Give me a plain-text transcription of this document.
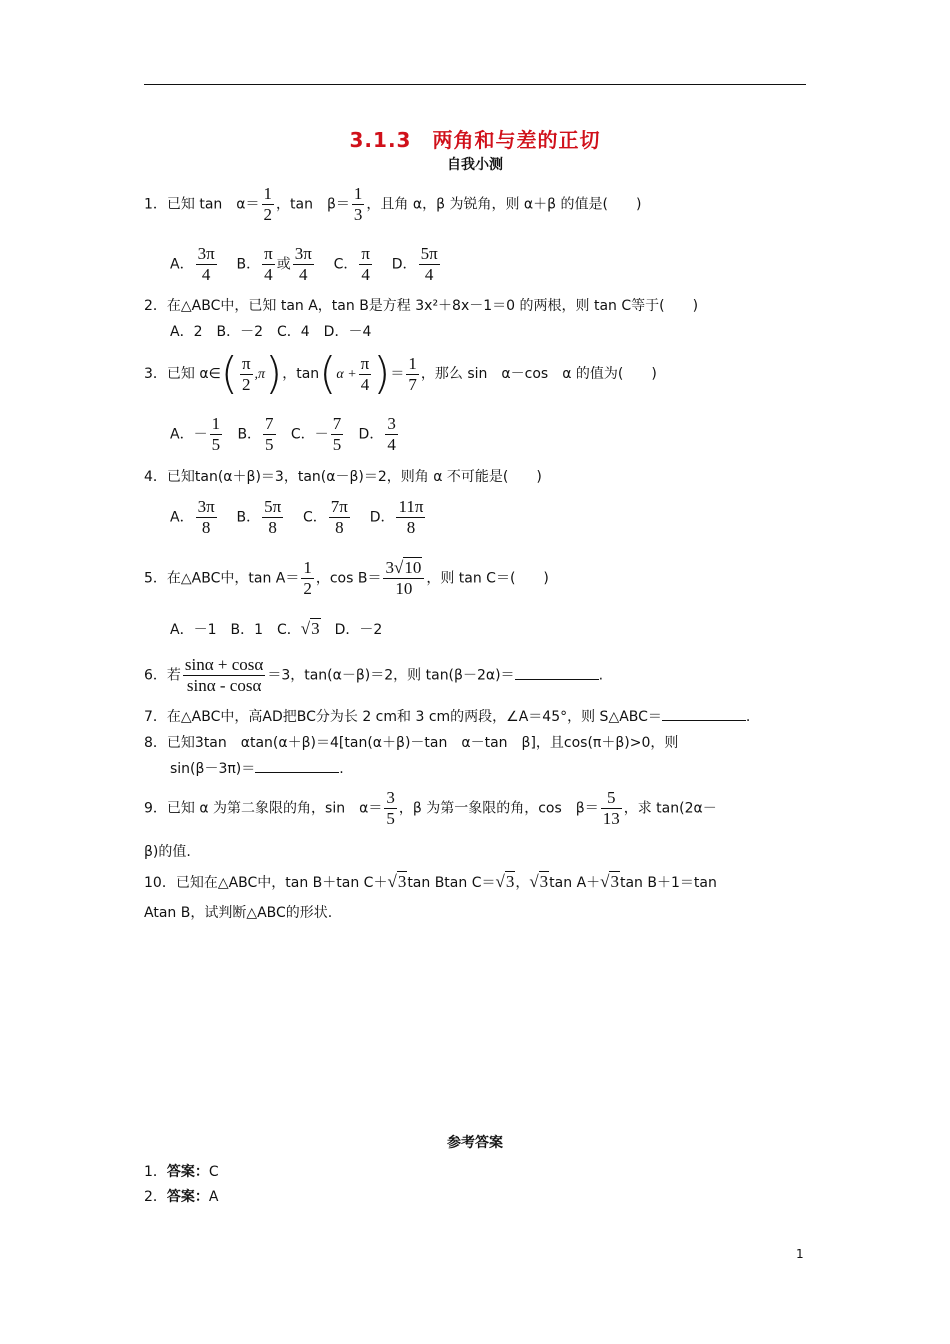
3.1.3　两角和与差的正切
自我小测
1．已知 tan　$\alpha= \frac{1}{2}$ ，tan　$\beta= \frac{1}{3}$ ，且角 α，β 为锐角，则 α＋β 的值是(　　)
A． $\frac{3\pi}{4}$ B． $\frac{\pi}{4}$ 或 $\frac{3\pi}{4}$ C． $\frac{\pi}{4}$ D． $\frac{5\pi}{4}$
2．在△ABC中，已知 tan A，tan B是方程 3x²＋8x－1＝0 的两根，则 tan C等于(　　)
A．2　B．－2　C．4　D．－4
3．已知 α∈( $\frac{\pi}{2} ,\pi$)，$\tan(\alpha + \frac{\pi}{4}$ )＝ $\frac{1}{7}$ ，那么 sin　α－cos　α 的值为(　　)
A．－ $\frac{1}{5}$ B． $\frac{7}{5}$ C．－ $\frac{7}{5}$ D． $\frac{3}{4}$
4．已知tan(α＋β)＝3，tan(α－β)＝2，则角 α 不可能是(　　)
A． $\frac{3\pi}{8}$ B． $\frac{5\pi}{8}$ C． $\frac{7\pi}{8}$ D． $\frac{11\pi}{8}$
5．在△ABC中，$\tan A= \frac{1}{2}$ ，$\cos B= \frac{3√10}{10}$ ，则 tan C＝(　　)
A．－1　B．1　C．√3　D．－2
6．若 $\frac{\sin\alpha + \cos\alpha}{\sin\alpha - \cos\alpha} =3$，tan(α－β)＝2，则 tan(β－2α)＝	.
7．在△ABC中，高AD把BC分为长 2 cm和 3 cm的两段，∠A＝45°，则 S△ABC＝	.
8．已知3tan　αtan(α＋β)＝4[tan(α＋β)－tan　α－tan　β]，且cos(π＋β)>0，则
sin(β－3π)＝	.
9．已知 α 为第二象限的角，sin　$\alpha= \frac{3}{5}$ ，β 为第一象限的角，cos　$\beta= \frac{5}{13}$ ，求 tan(2α－
β)的值.
10．已知在△ABC中，tan B＋tan C＋√3tan Btan C＝√3，√3tan A＋√3tan B＋1＝tan
Atan B，试判断△ABC的形状.
参考答案
1．答案：C
2．答案：A
1
